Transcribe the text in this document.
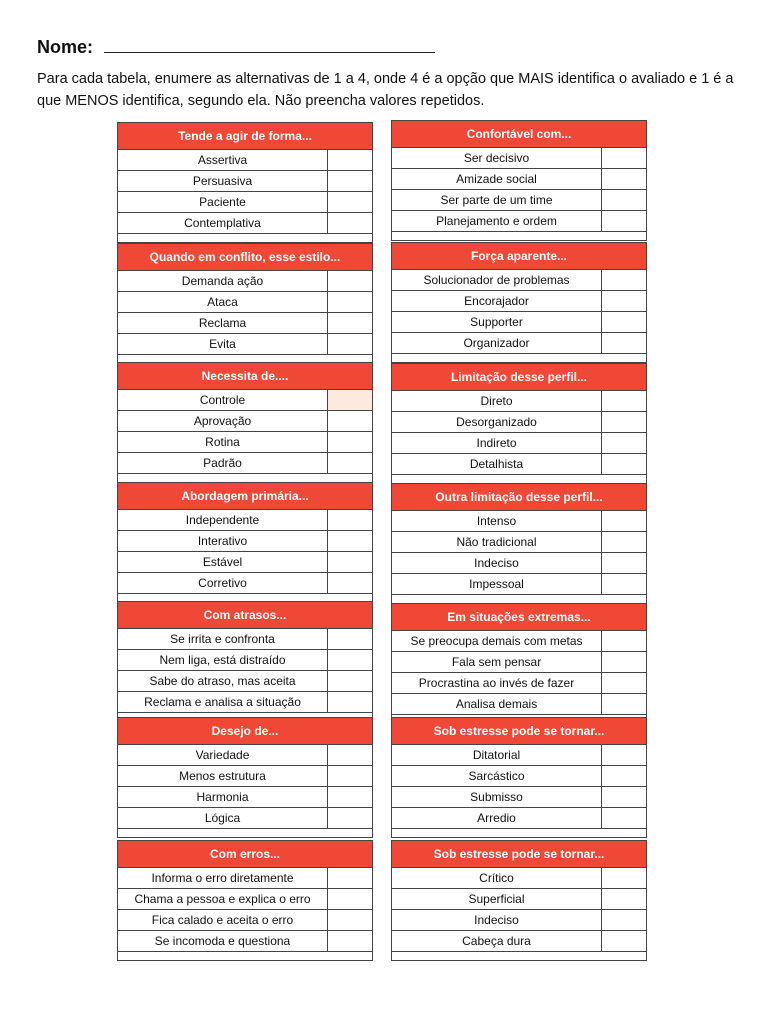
Nome:
Para cada tabela, enumere as alternativas de 1 a 4, onde 4 é a opção que MAIS identifica o avaliado e 1 é a que MENOS identifica, segundo ela. Não preencha valores repetidos.
Tende a agir de forma...
Assertiva
Persuasiva
Paciente
Contemplativa
Quando em conflito, esse estilo...
Demanda ação
Ataca
Reclama
Evita
Necessita de....
Controle
Aprovação
Rotina
Padrão
Abordagem primária...
Independente
Interativo
Estável
Corretivo
Com atrasos...
Se irrita e confronta
Nem liga, está distraído
Sabe do atraso, mas aceita
Reclama e analisa a situação
Desejo de...
Variedade
Menos estrutura
Harmonia
Lógica
Com erros...
Informa o erro diretamente
Chama a pessoa e explica o erro
Fica calado e aceita o erro
Se incomoda e questiona
Confortável com...
Ser decisivo
Amizade social
Ser parte de um time
Planejamento e ordem
Força aparente...
Solucionador de problemas
Encorajador
Supporter
Organizador
Limitação desse perfil...
Direto
Desorganizado
Indireto
Detalhista
Outra limitação desse perfil...
Intenso
Não tradicional
Indeciso
Impessoal
Em situações extremas...
Se preocupa demais com metas
Fala sem pensar
Procrastina ao invés de fazer
Analisa demais
Sob estresse pode se tornar...
Ditatorial
Sarcástico
Submisso
Arredio
Sob estresse pode se tornar...
Crítico
Superficial
Indeciso
Cabeça dura
